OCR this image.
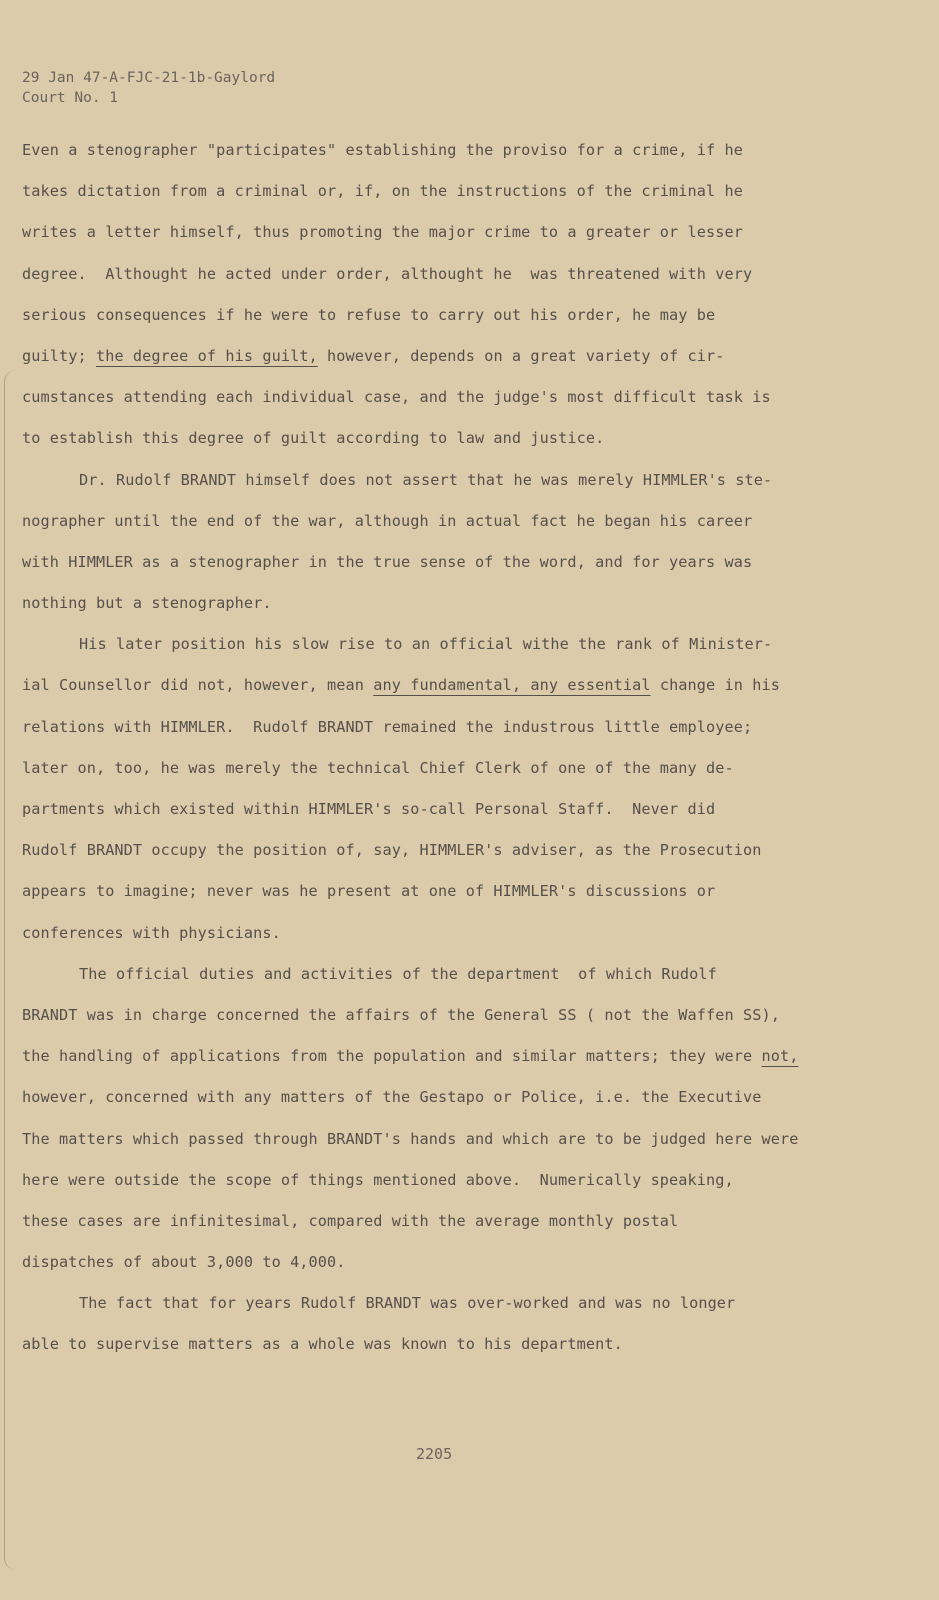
29 Jan 47-A-FJC-21-1b-Gaylord
Court No. 1
Even a stenographer "participates" establishing the proviso for a crime, if he
takes dictation from a criminal or, if, on the instructions of the criminal he
writes a letter himself, thus promoting the major crime to a greater or lesser
degree.  Althought he acted under order, althought he  was threatened with very
serious consequences if he were to refuse to carry out his order, he may be
guilty; the degree of his guilt, however, depends on a great variety of cir-
cumstances attending each individual case, and the judge's most difficult task is
to establish this degree of guilt according to law and justice.
Dr. Rudolf BRANDT himself does not assert that he was merely HIMMLER's ste-
nographer until the end of the war, although in actual fact he began his career
with HIMMLER as a stenographer in the true sense of the word, and for years was
nothing but a stenographer.
His later position his slow rise to an official withe the rank of Minister-
ial Counsellor did not, however, mean any fundamental, any essential change in his
relations with HIMMLER.  Rudolf BRANDT remained the industrous little employee;
later on, too, he was merely the technical Chief Clerk of one of the many de-
partments which existed within HIMMLER's so-call Personal Staff.  Never did
Rudolf BRANDT occupy the position of, say, HIMMLER's adviser, as the Prosecution
appears to imagine; never was he present at one of HIMMLER's discussions or
conferences with physicians.
The official duties and activities of the department  of which Rudolf
BRANDT was in charge concerned the affairs of the General SS ( not the Waffen SS),
the handling of applications from the population and similar matters; they were not,
however, concerned with any matters of the Gestapo or Police, i.e. the Executive
The matters which passed through BRANDT's hands and which are to be judged here were
here were outside the scope of things mentioned above.  Numerically speaking,
these cases are infinitesimal, compared with the average monthly postal
dispatches of about 3,000 to 4,000.
The fact that for years Rudolf BRANDT was over-worked and was no longer
able to supervise matters as a whole was known to his department.
2205
